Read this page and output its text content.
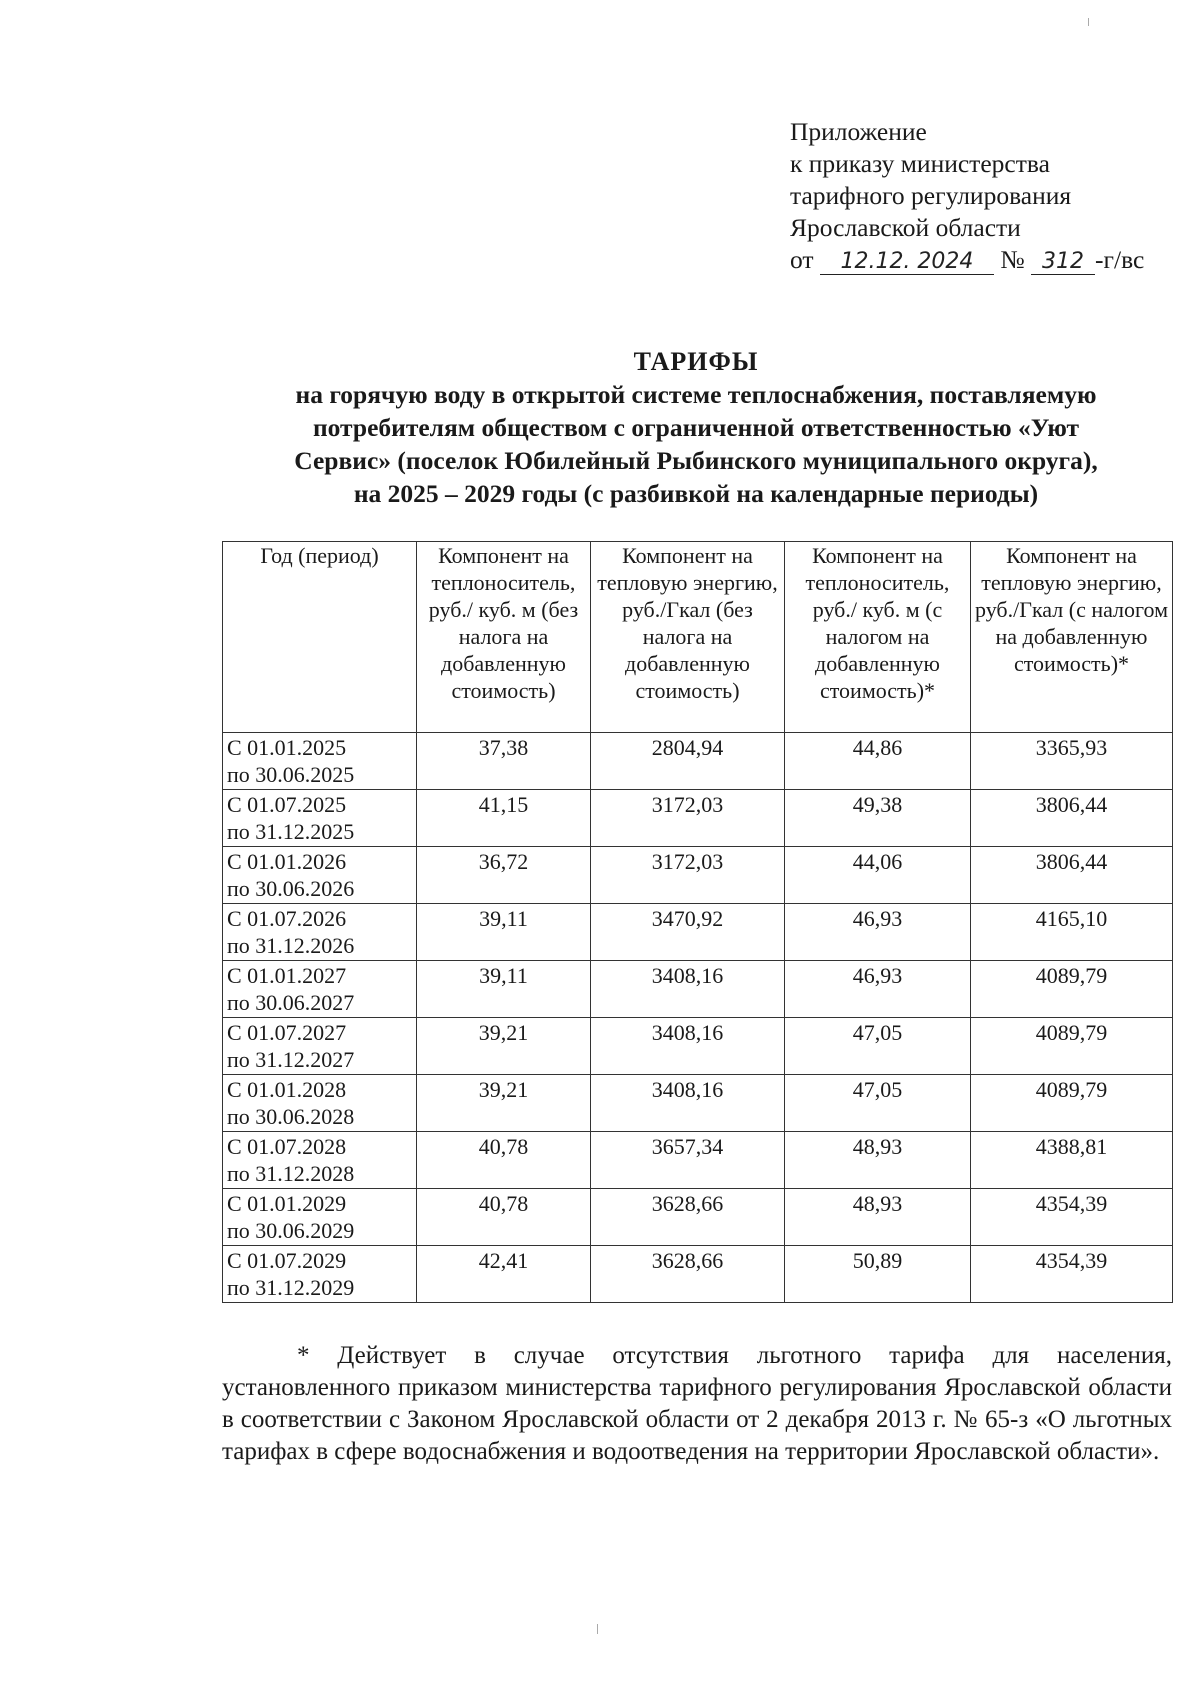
Приложение
к приказу министерства
тарифного регулирования
Ярославской области
от 12.12. 2024 № 312 -г/вс
ТАРИФЫ
на горячую воду в открытой системе теплоснабжения, поставляемую
потребителям обществом с ограниченной ответственностью «Уют
Сервис» (поселок Юбилейный Рыбинского муниципального округа),
на 2025 – 2029 годы (с разбивкой на календарные периоды)
Год (период)	Компонент на теплоноситель, руб./ куб. м (без налога на добавленную стоимость)	Компонент на тепловую энергию, руб./Гкал (без налога на добавленную стоимость)	Компонент на теплоноситель, руб./ куб. м (с налогом на добавленную стоимость)*	Компонент на тепловую энергию, руб./Гкал (с налогом на добавленную стоимость)*

С 01.01.2025
по 30.06.2025	37,38	2804,94	44,86	3365,93

С 01.07.2025
по 31.12.2025	41,15	3172,03	49,38	3806,44

С 01.01.2026
по 30.06.2026	36,72	3172,03	44,06	3806,44

С 01.07.2026
по 31.12.2026	39,11	3470,92	46,93	4165,10

С 01.01.2027
по 30.06.2027	39,11	3408,16	46,93	4089,79

С 01.07.2027
по 31.12.2027	39,21	3408,16	47,05	4089,79

С 01.01.2028
по 30.06.2028	39,21	3408,16	47,05	4089,79

С 01.07.2028
по 31.12.2028	40,78	3657,34	48,93	4388,81

С 01.01.2029
по 30.06.2029	40,78	3628,66	48,93	4354,39

С 01.07.2029
по 31.12.2029	42,41	3628,66	50,89	4354,39
* Действует в случае отсутствия льготного тарифа для населения, установленного приказом министерства тарифного регулирования Ярославской области в соответствии с Законом Ярославской области от 2 декабря 2013 г. № 65-з «О льготных тарифах в сфере водоснабжения и водоотведения на территории Ярославской области».
